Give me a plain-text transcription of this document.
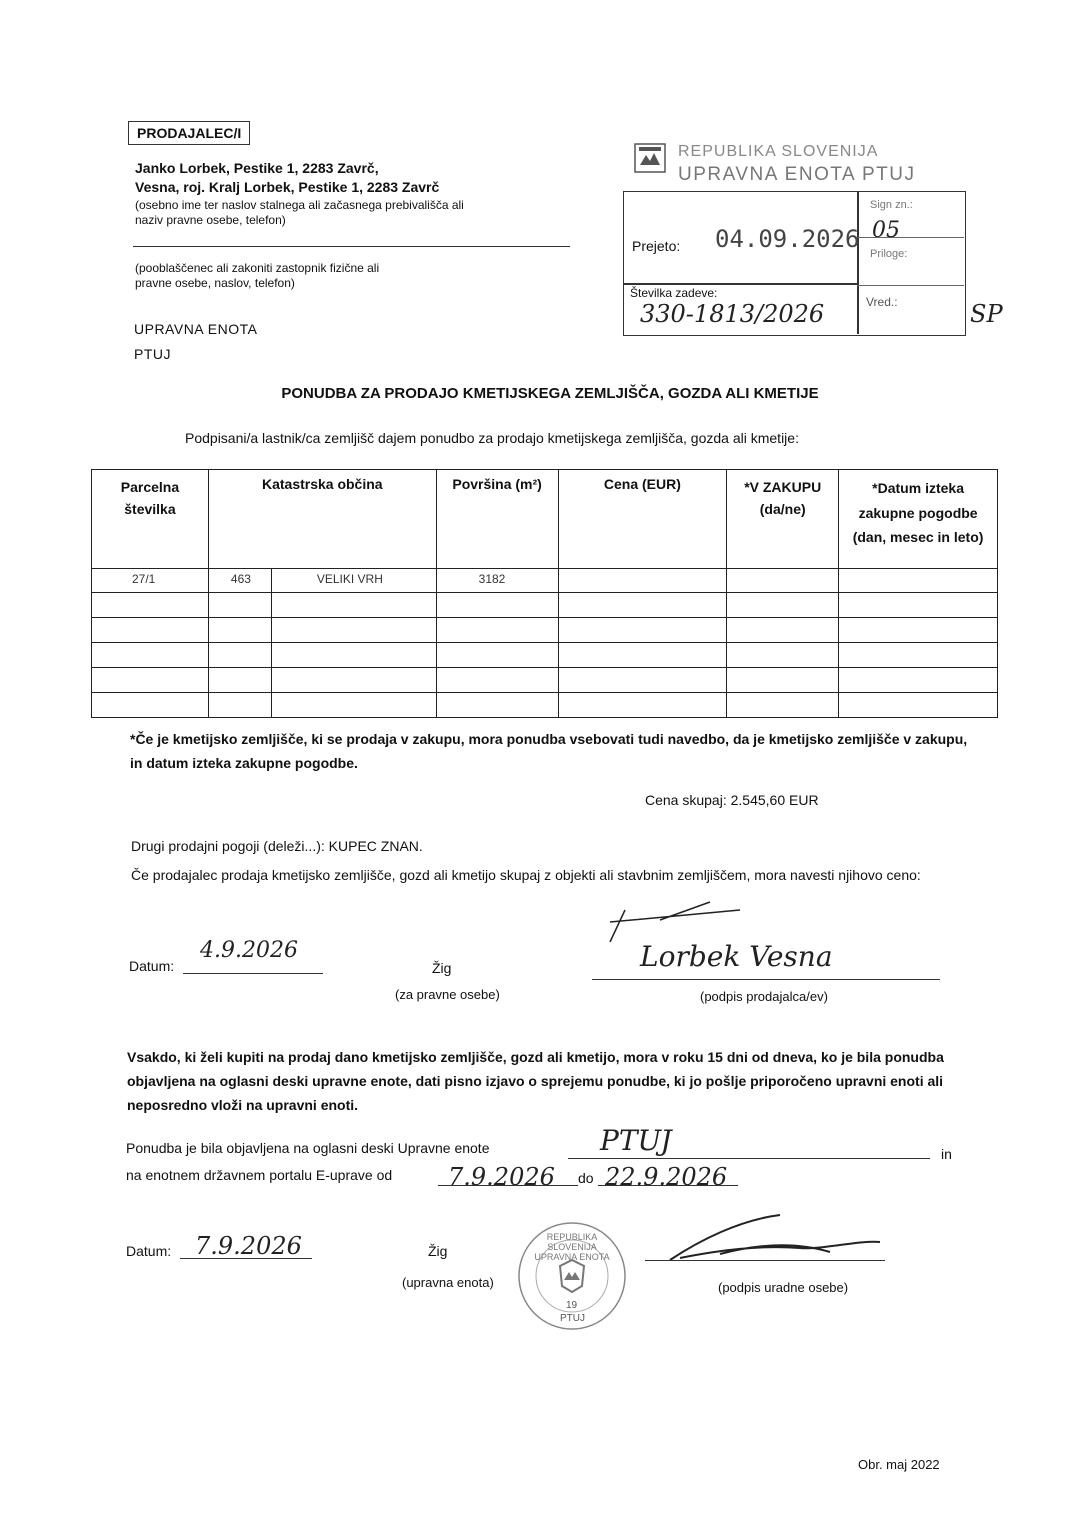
PRODAJALEC/I
Janko Lorbek, Pestike 1, 2283 Zavrč,
Vesna, roj. Kralj Lorbek, Pestike 1, 2283 Zavrč
(osebno ime ter naslov stalnega ali začasnega prebivališča ali
naziv pravne osebe, telefon)
(pooblaščenec ali zakoniti zastopnik fizične ali
pravne osebe, naslov, telefon)
UPRAVNA ENOTA
PTUJ
REPUBLIKA SLOVENIJA
UPRAVNA ENOTA PTUJ
Prejeto: 04.09.2026
Sign zn.:
05
Priloge:
Številka zadeve:
330-1813/2026	Vred.:	SP
PONUDBA ZA PRODAJO KMETIJSKEGA ZEMLJIŠČA, GOZDA ALI KMETIJE
Podpisani/a lastnik/ca zemljišč dajem ponudbo za prodajo kmetijskega zemljišča, gozda ali kmetije:
Parcelna številka	Katastrska občina		Površina (m²)	Cena (EUR)	*V ZAKUPU (da/ne)	*Datum izteka zakupne pogodbe (dan, mesec in leto)
27/1	463	VELIKI VRH	3182			

*Če je kmetijsko zemljišče, ki se prodaja v zakupu, mora ponudba vsebovati tudi navedbo, da je kmetijsko zemljišče v zakupu, in datum izteka zakupne pogodbe.
Cena skupaj: 2.545,60 EUR
Drugi prodajni pogoji (deleži...): KUPEC ZNAN.
Če prodajalec prodaja kmetijsko zemljišče, gozd ali kmetijo skupaj z objekti ali stavbnim zemljiščem, mora navesti njihovo ceno:
Datum:
4.9.2026
Žig
(za pravne osebe)
Lorbek Vesna
(podpis prodajalca/ev)
Vsakdo, ki želi kupiti na prodaj dano kmetijsko zemljišče, gozd ali kmetijo, mora v roku 15 dni od dneva, ko je bila ponudba objavljena na oglasni deski upravne enote, dati pisno izjavo o sprejemu ponudbe, ki jo pošlje priporočeno upravni enoti ali neposredno vloži na upravni enoti.
Ponudba je bila objavljena na oglasni deski Upravne enote	PTUJ	in
na enotnem državnem portalu E-uprave od 7.9.2026 do 22.9.2026
Datum: 7.9.2026	Žig
(upravna enota)
REPUBLIKA SLOVENIJA UPRAVNA ENOTA
19
PTUJ
(podpis uradne osebe)
Obr. maj 2022
